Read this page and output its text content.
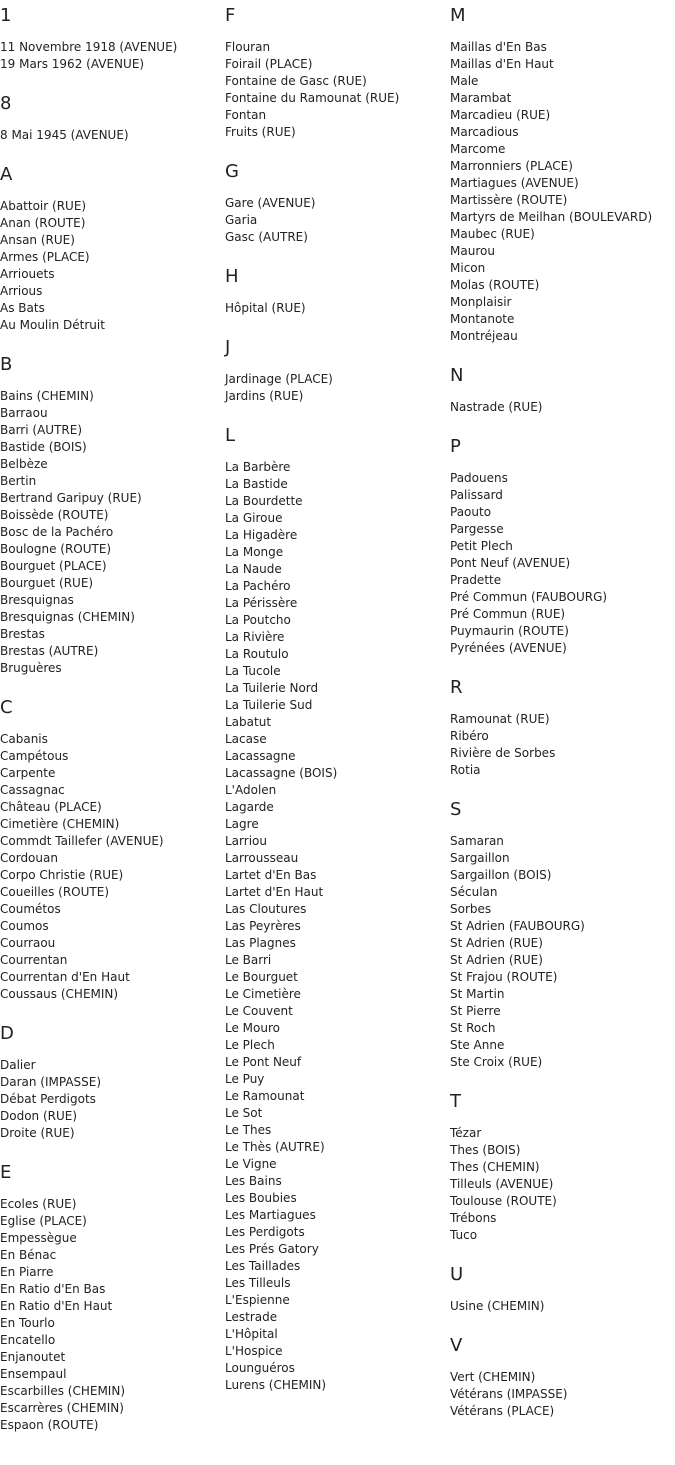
1
11 Novembre 1918 (AVENUE)
19 Mars 1962 (AVENUE)
8
8 Mai 1945 (AVENUE)
A
Abattoir (RUE)
Anan (ROUTE)
Ansan (RUE)
Armes (PLACE)
Arriouets
Arrious
As Bats
Au Moulin Détruit
B
Bains (CHEMIN)
Barraou
Barri (AUTRE)
Bastide (BOIS)
Belbèze
Bertin
Bertrand Garipuy (RUE)
Boissède (ROUTE)
Bosc de la Pachéro
Boulogne (ROUTE)
Bourguet (PLACE)
Bourguet (RUE)
Bresquignas
Bresquignas (CHEMIN)
Brestas
Brestas (AUTRE)
Bruguères
C
Cabanis
Campétous
Carpente
Cassagnac
Château (PLACE)
Cimetière (CHEMIN)
Commdt Taillefer (AVENUE)
Cordouan
Corpo Christie (RUE)
Coueilles (ROUTE)
Coumétos
Coumos
Courraou
Courrentan
Courrentan d'En Haut
Coussaus (CHEMIN)
D
Dalier
Daran (IMPASSE)
Débat Perdigots
Dodon (RUE)
Droite (RUE)
E
Ecoles (RUE)
Eglise (PLACE)
Empessègue
En Bénac
En Piarre
En Ratio d'En Bas
En Ratio d'En Haut
En Tourlo
Encatello
Enjanoutet
Ensempaul
Escarbilles (CHEMIN)
Escarrères (CHEMIN)
Espaon (ROUTE)
F
Flouran
Foirail (PLACE)
Fontaine de Gasc (RUE)
Fontaine du Ramounat (RUE)
Fontan
Fruits (RUE)
G
Gare (AVENUE)
Garia
Gasc (AUTRE)
H
Hôpital (RUE)
J
Jardinage (PLACE)
Jardins (RUE)
L
La Barbère
La Bastide
La Bourdette
La Giroue
La Higadère
La Monge
La Naude
La Pachéro
La Périssère
La Poutcho
La Rivière
La Routulo
La Tucole
La Tuilerie Nord
La Tuilerie Sud
Labatut
Lacase
Lacassagne
Lacassagne (BOIS)
L'Adolen
Lagarde
Lagre
Larriou
Larrousseau
Lartet d'En Bas
Lartet d'En Haut
Las Cloutures
Las Peyrères
Las Plagnes
Le Barri
Le Bourguet
Le Cimetière
Le Couvent
Le Mouro
Le Plech
Le Pont Neuf
Le Puy
Le Ramounat
Le Sot
Le Thes
Le Thès (AUTRE)
Le Vigne
Les Bains
Les Boubies
Les Martiagues
Les Perdigots
Les Prés Gatory
Les Taillades
Les Tilleuls
L'Espienne
Lestrade
L'Hôpital
L'Hospice
Lounguéros
Lurens (CHEMIN)
M
Maillas d'En Bas
Maillas d'En Haut
Male
Marambat
Marcadieu (RUE)
Marcadious
Marcome
Marronniers (PLACE)
Martiagues (AVENUE)
Martissère (ROUTE)
Martyrs de Meilhan (BOULEVARD)
Maubec (RUE)
Maurou
Micon
Molas (ROUTE)
Monplaisir
Montanote
Montréjeau
N
Nastrade (RUE)
P
Padouens
Palissard
Paouto
Pargesse
Petit Plech
Pont Neuf (AVENUE)
Pradette
Pré Commun (FAUBOURG)
Pré Commun (RUE)
Puymaurin (ROUTE)
Pyrénées (AVENUE)
R
Ramounat (RUE)
Ribéro
Rivière de Sorbes
Rotia
S
Samaran
Sargaillon
Sargaillon (BOIS)
Séculan
Sorbes
St Adrien (FAUBOURG)
St Adrien (RUE)
St Adrien (RUE)
St Frajou (ROUTE)
St Martin
St Pierre
St Roch
Ste Anne
Ste Croix (RUE)
T
Tézar
Thes (BOIS)
Thes (CHEMIN)
Tilleuls (AVENUE)
Toulouse (ROUTE)
Trébons
Tuco
U
Usine (CHEMIN)
V
Vert (CHEMIN)
Vétérans (IMPASSE)
Vétérans (PLACE)
